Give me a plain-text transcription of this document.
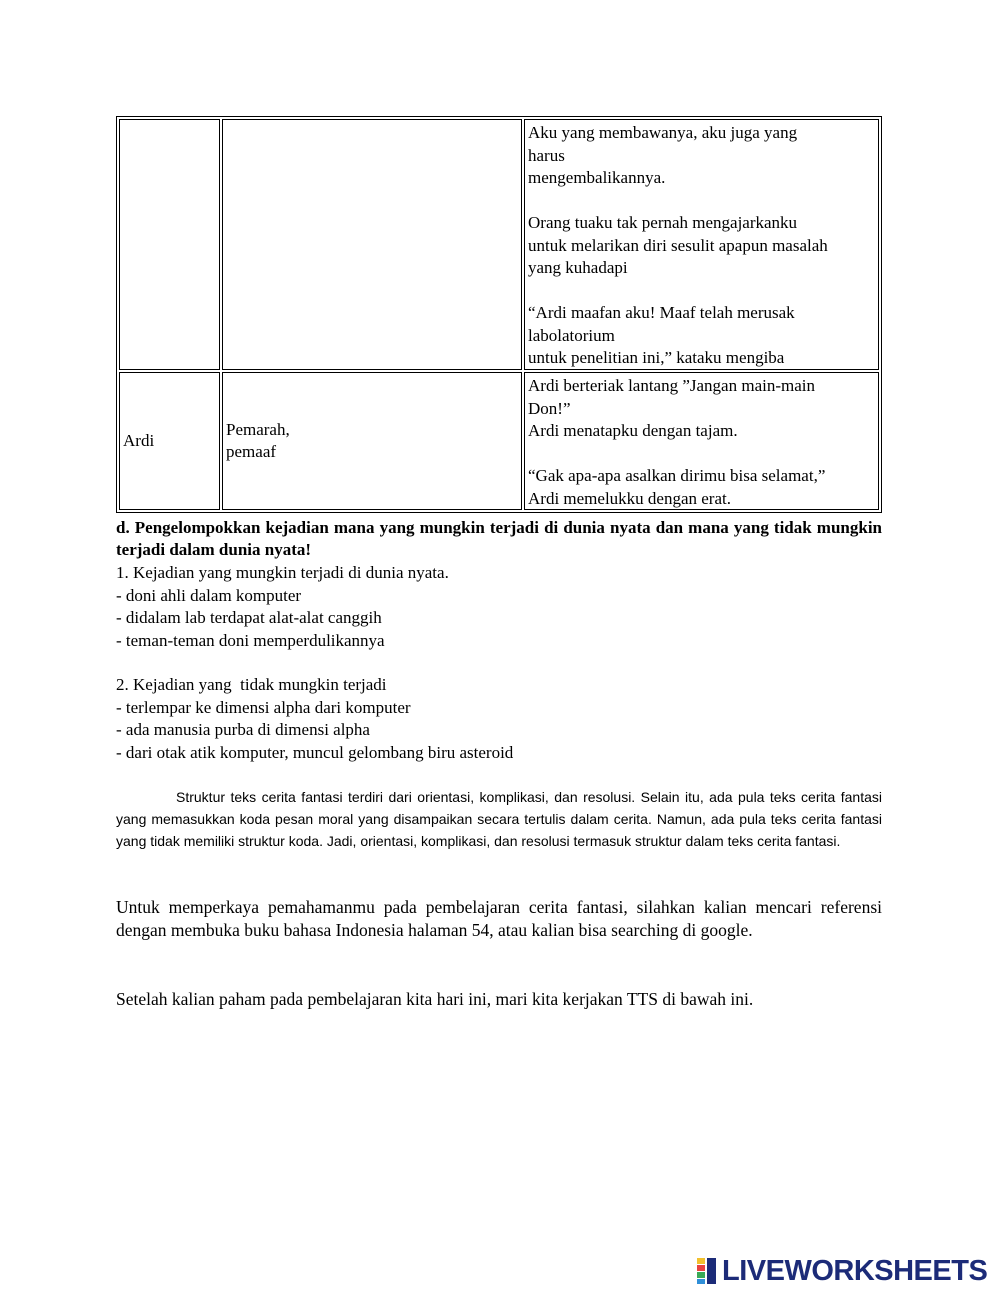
Aku yang membawanya, aku juga yang
harus
mengembalikannya.
Orang tuaku tak pernah mengajarkanku
untuk melarikan diri sesulit apapun masalah
yang kuhadapi
“Ardi maafan aku! Maaf telah merusak
labolatorium
untuk penelitian ini,” kataku mengiba
Ardi
Pemarah,
pemaaf
Ardi berteriak lantang ”Jangan main-main
Don!”
Ardi menatapku dengan tajam.
“Gak apa-apa asalkan dirimu bisa selamat,”
Ardi memelukku dengan erat.
d. Pengelompokkan kejadian mana yang mungkin terjadi di dunia nyata dan mana yang tidak mungkin terjadi dalam dunia nyata!
1. Kejadian yang mungkin terjadi di dunia nyata.
- doni ahli dalam komputer
- didalam lab terdapat alat-alat canggih
- teman-teman doni memperdulikannya
2. Kejadian yang  tidak mungkin terjadi
- terlempar ke dimensi alpha dari komputer
- ada manusia purba di dimensi alpha
- dari otak atik komputer, muncul gelombang biru asteroid
Struktur teks cerita fantasi terdiri dari orientasi, komplikasi, dan resolusi. Selain itu, ada pula teks cerita fantasi yang memasukkan koda pesan moral yang disampaikan secara tertulis dalam cerita. Namun, ada pula teks cerita fantasi yang tidak memiliki struktur koda. Jadi, orientasi, komplikasi, dan resolusi termasuk struktur dalam teks cerita fantasi.
Untuk memperkaya pemahamanmu pada pembelajaran cerita fantasi, silahkan kalian mencari referensi dengan membuka buku bahasa Indonesia halaman 54, atau kalian bisa searching di google.
Setelah kalian paham pada pembelajaran kita hari ini, mari kita kerjakan TTS di bawah ini.
LIVEWORKSHEETS
